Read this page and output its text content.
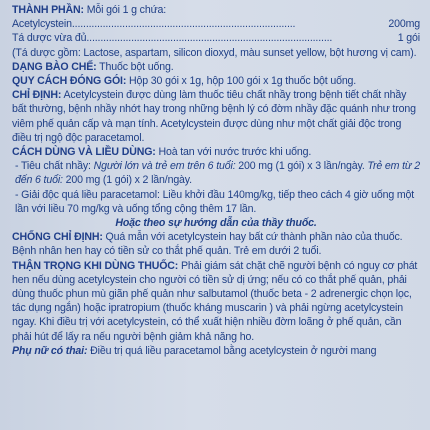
THÀNH PHẦN: Mỗi gói 1 g chứa:

Acetylcystein................................................................................	200mg
Tá dược vừa đủ........................................................................................	1 gói

(Tá dược gồm: Lactose, aspartam, silicon dioxyd, màu sunset yellow, bột hương vị cam).

DẠNG BÀO CHẾ: Thuốc bột uống.

QUY CÁCH ĐÓNG GÓI: Hộp 30 gói x 1g, hộp 100 gói x 1g thuốc bột uống.

CHỈ ĐỊNH: Acetylcystein được dùng làm thuốc tiêu chất nhầy trong bệnh tiết chất nhầy bất thường, bệnh nhầy nhớt hay trong những bệnh lý có đờm nhầy đặc quánh như trong viêm phế quản cấp và mạn tính. Acetylcystein được dùng như một chất giải độc trong điều trị ngộ độc paracetamol.

CÁCH DÙNG VÀ LIỀU DÙNG: Hoà tan với nước trước khi uống.

- Tiêu chất nhầy: Người lớn và trẻ em trên 6 tuổi: 200 mg (1 gói) x 3 lần/ngày. Trẻ em từ 2 đến 6 tuổi: 200 mg (1 gói) x 2 lần/ngày.

- Giải độc quá liều paracetamol: Liều khởi đầu 140mg/kg, tiếp theo cách 4 giờ uống một lần với liều 70 mg/kg và uống tổng cộng thêm 17 lần.

Hoặc theo sự hướng dẫn của thầy thuốc.

CHỐNG CHỈ ĐỊNH: Quá mẫn với acetylcystein hay bất cứ thành phần nào của thuốc. Bệnh nhân hen hay có tiền sử co thắt phế quản. Trẻ em dưới 2 tuổi.

THẬN TRỌNG KHI DÙNG THUỐC: Phải giám sát chặt chẽ người bệnh có nguy cơ phát hen nếu dùng acetylcystein cho người có tiền sử dị ứng; nếu có co thắt phế quản, phải dùng thuốc phun mù giãn phế quản như salbutamol (thuốc beta - 2 adrenergic chọn lọc, tác dụng ngắn) hoặc ipratropium (thuốc kháng muscarin ) và phải ngừng acetylcystein ngay. Khi điều trị với acetylcystein, có thể xuất hiện nhiều đờm loãng ở phế quản, cần phải hút để lấy ra nếu người bệnh giảm khả năng ho.

Phụ nữ có thai: Điều trị quá liều paracetamol bằng acetylcystein ở người mang
